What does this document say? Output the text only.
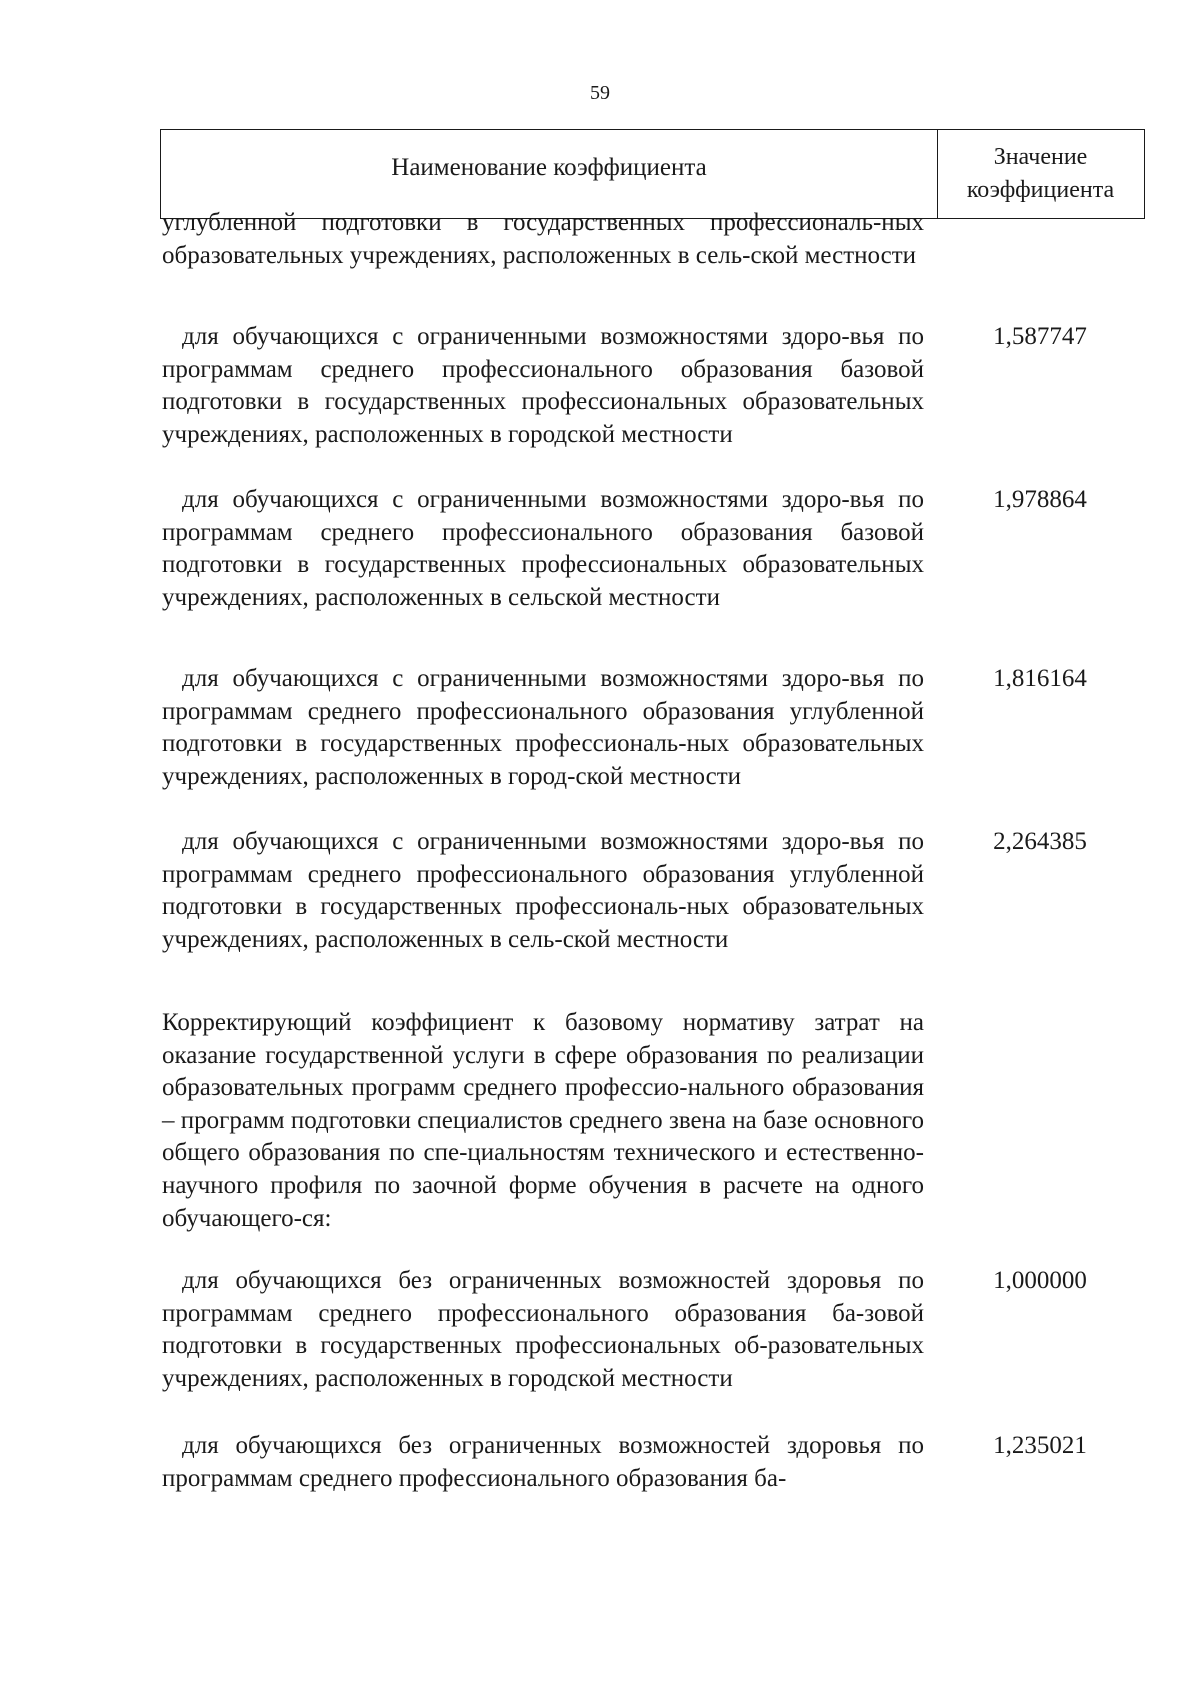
59
Наименование коэффициента	Значение
коэффициента
углубленной подготовки в государственных профессиональ-ных образовательных учреждениях, расположенных в сель-ской местности
для обучающихся с ограниченными возможностями здоро-вья по программам среднего профессионального образования базовой подготовки в государственных профессиональных образовательных учреждениях, расположенных в городской местности
1,587747
для обучающихся с ограниченными возможностями здоро-вья по программам среднего профессионального образования базовой подготовки в государственных профессиональных образовательных учреждениях, расположенных в сельской местности
1,978864
для обучающихся с ограниченными возможностями здоро-вья по программам среднего профессионального образования углубленной подготовки в государственных профессиональ-ных образовательных учреждениях, расположенных в город-ской местности
1,816164
для обучающихся с ограниченными возможностями здоро-вья по программам среднего профессионального образования углубленной подготовки в государственных профессиональ-ных образовательных учреждениях, расположенных в сель-ской местности
2,264385
Корректирующий коэффициент к базовому нормативу затрат на оказание государственной услуги в сфере образования по реализации образовательных программ среднего профессио-нального образования – программ подготовки специалистов среднего звена на базе основного общего образования по спе-циальностям технического и естественно-научного профиля по заочной форме обучения в расчете на одного обучающего-ся:
для обучающихся без ограниченных возможностей здоровья по программам среднего профессионального образования ба-зовой подготовки в государственных профессиональных об-разовательных учреждениях, расположенных в городской местности
1,000000
для обучающихся без ограниченных возможностей здоровья по программам среднего профессионального образования ба-
1,235021
